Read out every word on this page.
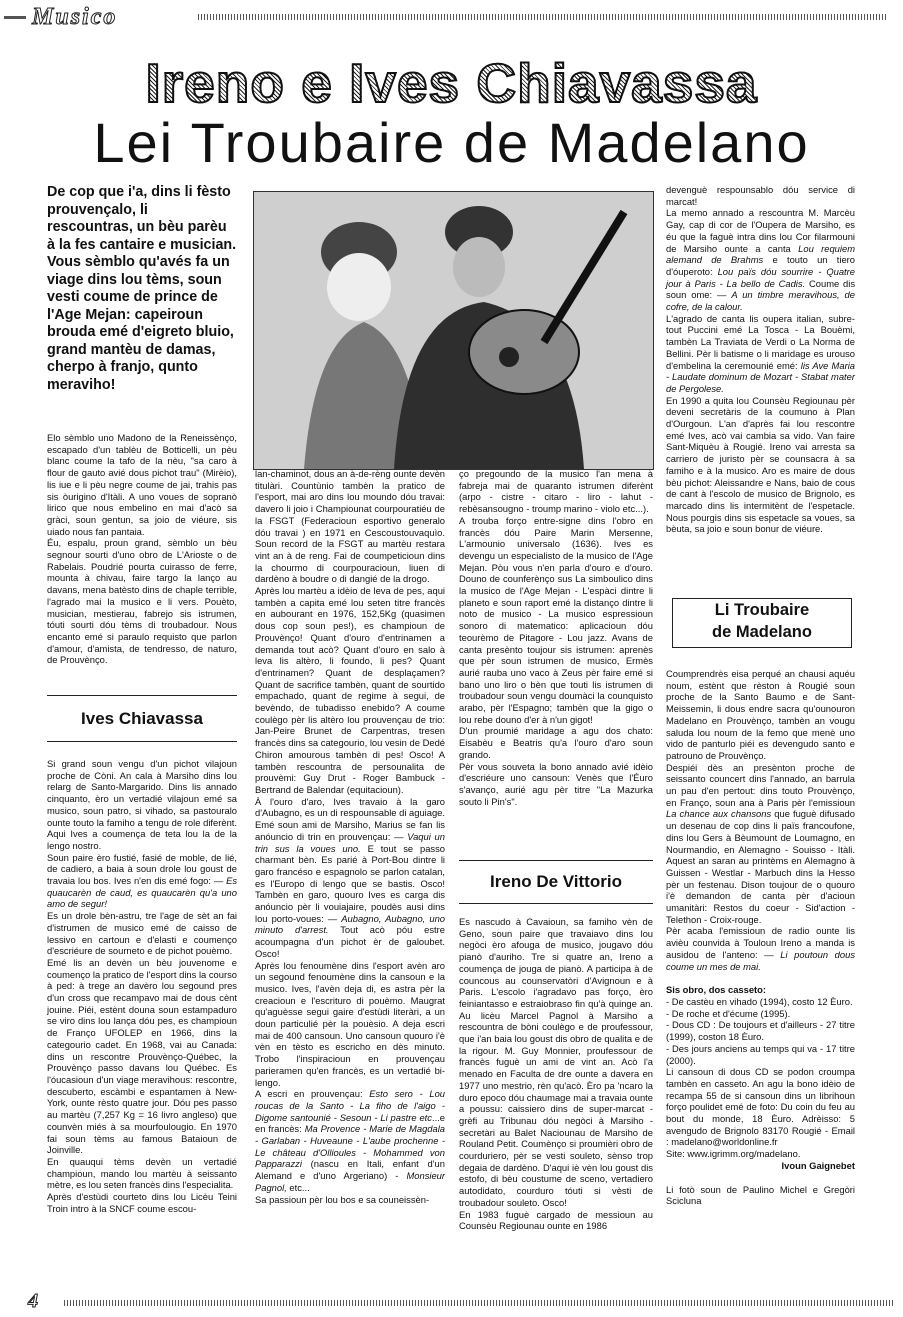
Musico
Ireno e Ives Chiavassa
Lei Troubaire de Madelano

De cop que i'a, dins li fèsto prouvençalo, li rescountras, un bèu parèu à la fes cantaire e musician.

Vous sèmblo qu'avés fa un viage dins lou tèms, soun vesti coume de prince de l'Age Mejan: capeiroun brouda emé d'eigreto bluio, grand mantèu de damas, cherpo à franjo, qunto meraviho!

Elo sèmblo uno Madono de la Reneissènço, escapado d'un tablèu de Botticelli, un pèu blanc coume la tafo de la nèu, "sa caro à flour de gauto avié dous pichot trau" (Mirèio), lis iue e li pèu negre coume de jai, trahis pas sis òurigino d'Itàli. A uno voues de sopranò lirico que nous embelino en mai d'acò sa gràci, soun gentun, sa joio de viéure, sis uiado nous fan pantaia.

Éu, espalu, proun grand, sèmblo un bèu segnour sourti d'uno obro de L'Arioste o de Rabelais. Poudrié pourta cuirasso de ferre, mounta à chivau, faire targo la lanço au davans, mena batèsto dins de chaple terrible, l'agrado mai la musico e li vers. Pouèto, musician, mestierau, fabrejo sis istrumen, tóuti sourti dóu tèms di troubadour. Nous encanto emé si paraulo requisto que parlon d'amour, d'amista, de tendresso, de naturo, de Prouvènço.

Ives Chiavassa

Si grand soun vengu d'un pichot vilajoun proche de Còni. An cala à Marsiho dins lou relarg de Santo-Margarido. Dins lis annado cinquanto, èro un vertadié vilajoun emé sa musico, soun patro, si vihado, sa pastouralo ounte touto la famiho a tengu de role diferènt. Aqui Ives a coumença de teta lou la de la lengo nostro.

Soun paire èro fustié, fasié de moble, de lié, de cadiero, a baia à soun drole lou goust de travaia lou bos. Ives n'en dis emé fogo: — Es quaucarèn de caud, es quaucarèn qu'a uno amo de segur!

Es un drole bèn-astru, tre l'age de sèt an fai d'istrumen de musico emé de caisso de lessivo en cartoun e d'elasti e coumenço d'escriéure de sourneto e de pichot pouèmo.

Emé lis an devèn un bèu jouvenome e coumenço la pratico de l'esport dins la courso à ped: à trege an davèro lou segound pres d'un cross que recampavo mai de dous cènt jouine. Piéi, estènt douna soun estampaduro se viro dins lou lança dóu pes, es champioun de Franço UFOLEP en 1966, dins la categourio cadet. En 1968, vai au Canada: dins un rescontre Prouvènço-Québec, la Prouvènço passo davans lou Québec. Es l'óucasioun d'un viage meravihous: rescontre, descuberto, escàmbi e espantamen à New-York, ounte rèsto quatre jour. Dóu pes passo au martèu (7,257 Kg = 16 livro angleso) que counvèn miés à sa mourfoulougio. En 1970 fai soun tèms au famous Bataioun de Joinville.

En quauqui tèms devèn un vertadié champioun, mando lou martèu à seissanto mètre, es lou seten francès dins l'especialita.

Après d'estùdi courteto dins lou Licèu Teini Troin intro à la SNCF coume escou-

lan-chaminot, dous an à-de-rèng ounte devèn titulàri. Countùnio tambèn la pratico de l'esport, mai aro dins lou moundo dóu travai: davero li joio i Champiounat courpouratiéu de la FSGT (Federacioun esportivo generalo dóu travai ) en 1971 en Cescoustouvaquìo. Soun record de la FSGT au martèu restara vint an à de reng. Fai de coumpeticioun dins la chourmo di courpouracioun, liuen di dardèno à boudre o di dangié de la drogo.

Après lou martèu a idèio de leva de pes, aqui tambèn a capita emé lou seten titre francès en aubourant en 1976, 152,5Kg (quasimen dous cop soun pes!), es champioun de Prouvènço! Quant d'ouro d'entrinamen a demanda tout acò? Quant d'ouro en salo à leva lis altèro, li foundo, li pes? Quant d'entrinamen? Quant de desplaçamen? Quant de sacrifice tambèn, quant de sourtido empachado, quant de regime à segui, de bevèndo, de tubadisso enebido? A coume coulègo pèr lis altèro lou prouvençau de trio: Jan-Peire Brunet de Carpentras, tresen francès dins sa categourio, lou vesin de Dedé Chiron amourous tambèn di pes! Osco! A tambèn rescountra de persounalita de prouvèmi: Guy Drut - Roger Bambuck - Bertrand de Balendar (equitacioun).

À l'ouro d'aro, Ives travaio à la garo d'Aubagno, es un di respounsable di aguiage. Emé soun ami de Marsiho, Marius se fan lis anóuncio di trin en prouvençau: — Vaqui un trin sus la voues uno. E tout se passo charmant bèn. Es parié à Port-Bou dintre li garo francéso e espagnolo se parlon catalan, es l'Europo di lengo que se bastis. Osco! Tambèn en garo, quouro Ives es carga dis anóuncio pèr li vouiajaire, poudès ausi dins lou porto-voues: — Aubagno, Aubagno, uno minuto d'arrest. Tout acò póu estre acoumpagna d'un pichot èr de galoubet. Osco!

Après lou fenoumène dins l'esport avèn aro un segound fenoumène dins la cansoun e la musico. Ives, l'avèn deja di, es astra pèr la creacioun e l'escrituro di pouèmo. Maugrat qu'aguèsse segui gaire d'estùdi literàri, a un doun particulié pèr la pouèsio. A deja escri mai de 400 cansoun. Uno cansoun quouro i'è vèn en tèsto es escricho en dès minuto. Trobo l'inspiracioun en prouvençau parieramen qu'en francès, es un vertadié bi-lengo.

A escri en prouvençau: Esto sero - Lou roucas de la Santo - La fiho de l'aigo - Digome santounié - Sesoun - Li pastre etc...e en francès: Ma Provence - Marie de Magdala - Garlaban - Huveaune - L'aube prochenne - Le château d'Ollioules - Mohammed von Papparazzi (nascu en Itali, enfant d'un Alemand e d'uno Argeriano) - Monsieur Pagnol, etc...

Sa passioun pèr lou bos e sa couneissèn-

ço pregoundo de la musico l'an mena à fabreja mai de quaranto istrumen diferènt (arpo - cistre - citaro - liro - lahut - rebèsansougno - troump marino - violo etc...).

A trouba forço entre-signe dins l'obro en francès dóu Paire Marin Mersenne, L'armounio universalo (1636). Ives es devengu un especialisto de la musico de l'Age Mejan. Pòu vous n'en parla d'ouro e d'ouro. Douno de counferènço sus La simboulico dins la musico de l'Age Mejan - L'espàci dintre li planeto e soun raport emé la distanço dintre li noto de musico - La musico espressioun sonoro di matematico: aplicacioun dóu teourèmo de Pitagore - Lou jazz. Avans de canta presènto toujour sis istrumen: aprenès que pèr soun istrumen de musico, Ermès aurié rauba uno vaco à Zeus pèr faire emé si bano uno liro o bèn que touti lis istrumen di troubadour soun vengu doumàci la counquisto arabo, pèr l'Espagno; tambèn que la gigo o lou rebe douno d'er à n'un gigot!

D'un proumié maridage a agu dos chato: Eisabèu e Beatris qu'a l'ouro d'aro soun grando.

Pèr vous souveta la bono annado avié idèio d'escriéure uno cansoun: Venès que l'Éuro s'avanço, aurié agu pèr titre "La Mazurka souto li Pin's".

Ireno De Vittorio

Es nascudo à Cavaioun, sa famiho vèn de Geno, soun paire que travaiavo dins lou negòci èro afouga de musico, jougavo dóu pianò d'auriho. Tre si quatre an, Ireno a coumença de jouga de pianò. A participa à de councous au counservatòri d'Avignoun e à Paris. L'escolo i'agradavo pas forço, èro feiniantasso e estraiobraso fin qu'à quinge an. Au licèu Marcel Pagnol à Marsiho a rescountra de bòni coulègo e de proufessour, que i'an baia lou goust dis obro de qualita e de la rigour. M. Guy Monnier, proufessour de francès fuguè un ami de vint an. Acò l'a menado en Faculta de dre ounte a davera en 1977 uno mestrio, rèn qu'acò. Èro pa 'ncaro la duro epoco dóu chaumage mai a travaia ounte a poussu: caissiero dins de super-marcat - grèfi au Tribunau dóu negòci à Marsiho - secretàri au Balet Naciounau de Marsiho de Rouland Petit. Coumènço si proumièri obro de courduriero, pèr se vesti souleto, sènso trop degaia de dardèno. D'aqui iè vèn lou goust dis estofo, di bèu coustume de sceno, vertadiero autodidato, courduro tóuti si vèsti de troubadour souleto. Osco!

En 1983 fuguè cargado de messioun au Counsèu Regiounau ounte en 1986

devenguè respounsablo dóu service di marcat!

La memo annado a rescountra M. Marcèu Gay, cap di cor de l'Oupera de Marsiho, es éu que la faguè intra dins lou Cor filarmouni de Marsiho ounte a canta Lou requiem alemand de Brahms e touto un tiero d'óuperoto: Lou païs dóu sourrire - Quatre jour à Paris - La bello de Cadis. Coume dis soun ome: — A un timbre meravihous, de cofre, de la calour.

L'agrado de canta lis oupera italian, subre-tout Puccini emé La Tosca - La Bouèmi, tambèn La Traviata de Verdi o La Norma de Bellini. Pèr li batisme o li maridage es urouso d'embelina la ceremounié emé: lis Ave Maria - Laudate dominum de Mozart - Stabat mater de Pergolese.

En 1990 a quita lou Counsèu Regiounau pèr deveni secretàris de la coumuno à Plan d'Ourgoun. L'an d'après fai lou rescontre emé Ives, acò vai cambia sa vido. Van faire Sant-Miquèu à Rougié. Ireno vai arresta sa carriero de juristo pèr se counsacra à sa famiho e à la musico. Aro es maire de dous bèu pichot: Aleissandre e Nans, baio de cous de cant à l'escolo de musico de Brignolo, es marcado dins lis intermitènt de l'espetacle. Nous pourgis dins sis espetacle sa voues, sa bèuta, sa joio e soun bonur de viéure.

Li Troubaire
de Madelano

Coumprendrès eisa perqué an chausi aquéu noum, estènt que rèston à Rougié soun proche de la Santo Baumo e de Sant-Meissemin, li dous endre sacra qu'ounouron Madelano en Prouvènço, tambèn an vougu saluda lou noum de la femo que menè uno vido de panturlo piéi es devengudo santo e patrouno de Prouvènço.

Despiéi dès an presènton proche de seissanto councert dins l'annado, an barrula un pau d'en pertout: dins touto Prouvènço, en Franço, soun ana à Paris pèr l'emissioun La chance aux chansons que fuguè difusado un desenau de cop dins li païs francoufone, dins lou Gers à Bèumount de Loumagno, en Nourmandio, en Alemagno - Souisso - Itàli. Aquest an saran au printèms en Alemagno à Guissen - Westlar - Marbuch dins la Hesso pèr un festenau. Dison toujour de o quouro i'è demandon de canta pèr d'acioun umanitàri: Restos du coeur - Sid'action - Telethon - Croix-rouge.

Pèr acaba l'emissioun de radio ounte lis avièu counvida à Touloun Ireno a manda is ausidou de l'anteno: — Li poutoun dous coume un mes de mai.

Sis obro, dos casseto:

- De castèu en vihado (1994), costo 12 Èuro.

- De roche et d'écume (1995).

- Dous CD : De toujours et d'ailleurs - 27 titre (1999), coston 18 Èuro.

- Des jours anciens au temps qui va - 17 titre (2000).

Li cansoun di dous CD se podon croumpa tambèn en casseto. An agu la bono idèio de recampa 55 de si cansoun dins un librihoun forço poulidet emé de foto: Du coin du feu au bout du monde, 18 Èuro. Adrèisso: 5 avengudo de Brignolo 83170 Rougié - Email : madelano@worldonline.fr

Site: www.igrimm.org/madelano.

Ivoun Gaignebet

Li fotò soun de Paulino Michel e Gregòri Scicluna

4
